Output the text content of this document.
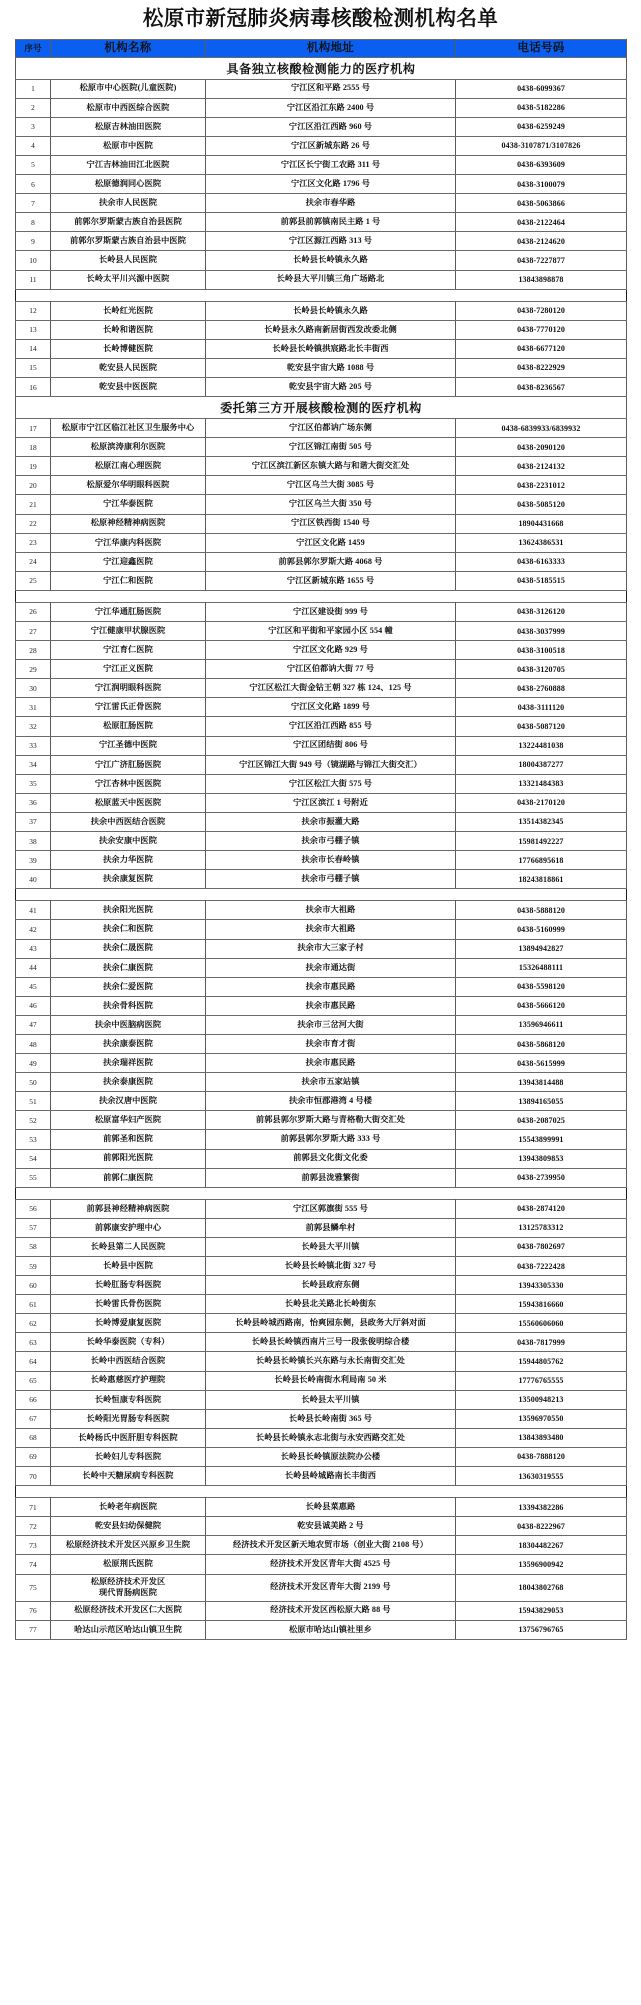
松原市新冠肺炎病毒核酸检测机构名单
序号	机构名称	机构地址	电话号码
具备独立核酸检测能力的医疗机构			
1	松原市中心医院(儿童医院)	宁江区和平路 2555 号	0438-6099367
2	松原市中西医综合医院	宁江区沿江东路 2400 号	0438-5182286
3	松原吉林油田医院	宁江区沿江西路 960 号	0438-6259249
4	松原市中医院	宁江区新城东路 26 号	0438-3107871/3107826
5	宁江吉林油田江北医院	宁江区长宁街工农路 311 号	0438-6393609
6	松原德润同心医院	宁江区文化路 1796 号	0438-3100079
7	扶余市人民医院	扶余市春华路	0438-5063866
8	前郭尔罗斯蒙古族自治县医院	前郭县前郭镇南民主路 1 号	0438-2122464
9	前郭尔罗斯蒙古族自治县中医院	宁江区源江西路 313 号	0438-2124620
10	长岭县人民医院	长岭县长岭镇永久路	0438-7227877
11	长岭太平川兴源中医院	长岭县大平川镇三角广场路北	13843898878

12	长岭红光医院	长岭县长岭镇永久路	0438-7280120
13	长岭和谐医院	长岭县永久路南新居街西发改委北侧	0438-7770120
14	长岭博健医院	长岭县长岭镇拱宸路北长丰街西	0438-6677120
15	乾安县人民医院	乾安县宇宙大路 1088 号	0438-8222929
16	乾安县中医医院	乾安县宇宙大路 205 号	0438-8236567
委托第三方开展核酸检测的医疗机构			
17	松原市宁江区临江社区卫生服务中心	宁江区伯都讷广场东侧	0438-6839933/6839932
18	松原滨涛康利尔医院	宁江区锦江南街 505 号	0438-2090120
19	松原江南心理医院	宁江区滨江新区东镇大路与和谐大街交汇处	0438-2124132
20	松原爱尔华明眼科医院	宁江区乌兰大街 3085 号	0438-2231012
21	宁江华泰医院	宁江区乌兰大街 350 号	0438-5085120
22	松原神经精神病医院	宁江区铁西街 1540 号	18904431668
23	宁江华康内科医院	宁江区文化路 1459	13624386531
24	宁江迎鑫医院	前郭县郭尔罗斯大路 4068 号	0438-6163333
25	宁江仁和医院	宁江区新城东路 1655 号	0438-5185515

26	宁江华通肛肠医院	宁江区建设街 999 号	0438-3126120
27	宁江健康甲状腺医院	宁江区和平街和平家园小区 554 幢	0438-3037999
28	宁江育仁医院	宁江区文化路 929 号	0438-3100518
29	宁江正义医院	宁江区伯都讷大街 77 号	0438-3120705
30	宁江润明眼科医院	宁江区松江大街金钻王朝 327 栋 124、125 号	0438-2760888
31	宁江雷氏正骨医院	宁江区文化路 1899 号	0438-3111120
32	松原肛肠医院	宁江区沿江西路 855 号	0438-5087120
33	宁江圣德中医院	宁江区团结街 806 号	13224481038
34	宁江广济肛肠医院	宁江区锦江大街 949 号（镜湖路与锦江大街交汇）	18004387277
35	宁江杏林中医医院	宁江区松江大街 575 号	13321484383
36	松原蓝天中医医院	宁江区滨江 1 号附近	0438-2170120
37	扶余中西医结合医院	扶余市振灌大路	13514382345
38	扶余安康中医院	扶余市弓棚子镇	15981492227
39	扶余力华医院	扶余市长春岭镇	17766895618
40	扶余康复医院	扶余市弓棚子镇	18243818861

41	扶余阳光医院	扶余市大祖路	0438-5888120
42	扶余仁和医院	扶余市大祖路	0438-5160999
43	扶余仁晟医院	扶余市大三家子村	13894942827
44	扶余仁康医院	扶余市通达街	15326488111
45	扶余仁爱医院	扶余市惠民路	0438-5598120
46	扶余骨科医院	扶余市惠民路	0438-5666120
47	扶余中医脑病医院	扶余市三岔河大街	13596946611
48	扶余康泰医院	扶余市育才街	0438-5868120
49	扶余瑞祥医院	扶余市惠民路	0438-5615999
50	扶余泰康医院	扶余市五家站镇	13943814488
51	扶余汉唐中医院	扶余市恒郡港湾 4 号楼	13894165055
52	松原富华妇产医院	前郭县郭尔罗斯大路与青格勒大街交汇处	0438-2087025
53	前郭圣和医院	前郭县郭尔罗斯大路 333 号	15543899991
54	前郭阳光医院	前郭县文化街文化委	13943809853
55	前郭仁康医院	前郭县泷雅繁街	0438-2739950

56	前郭县神经精神病医院	宁江区郭旗街 555 号	0438-2874120
57	前郭康安护理中心	前郭县鳞牟村	13125783312
58	长岭县第二人民医院	长岭县大平川镇	0438-7802697
59	长岭县中医院	长岭县长岭镇北街 327 号	0438-7222428
60	长岭肛肠专科医院	长岭县政府东侧	13943305330
61	长岭雷氏骨伤医院	长岭县北关路北长岭街东	15943816660
62	长岭博爱康复医院	长岭县岭城西路南，怡爽园东侧，县政务大厅斜对面	15560606060
63	长岭华泰医院（专科）	长岭县长岭镇西南片三号一段张俊明综合楼	0438-7817999
64	长岭中西医结合医院	长岭县长岭镇长兴东路与永长南街交汇处	15944805762
65	长岭惠慈医疗护理院	长岭县长岭南街水利局南 50 米	17776765555
66	长岭恒康专科医院	长岭县太平川镇	13500948213
67	长岭阳光胃肠专科医院	长岭县长岭南街 365 号	13596970550
68	长岭杨氏中医肝胆专科医院	长岭县长岭镇永志北街与永安西路交汇处	13843893480
69	长岭妇儿专科医院	长岭县长岭镇原法院办公楼	0438-7888120
70	长岭中天糖尿病专科医院	长岭县岭城路南长丰街西	13630319555

71	长岭老年病医院	长岭县菜惠路	13394382286
72	乾安县妇幼保健院	乾安县诚美路 2 号	0438-8222967
73	松原经济技术开发区兴原乡卫生院	经济技术开发区新天地农贸市场（创业大街 2108 号）	18304482267
74	松原荆氏医院	经济技术开发区青年大街 4525 号	13596900942
75	松原经济技术开发区
现代胃肠病医院	经济技术开发区青年大街 2199 号	18043802768
76	松原经济技术开发区仁大医院	经济技术开发区西松原大路 88 号	15943829053
77	哈达山示范区哈达山镇卫生院	松原市哈达山镇社里乡	13756796765
